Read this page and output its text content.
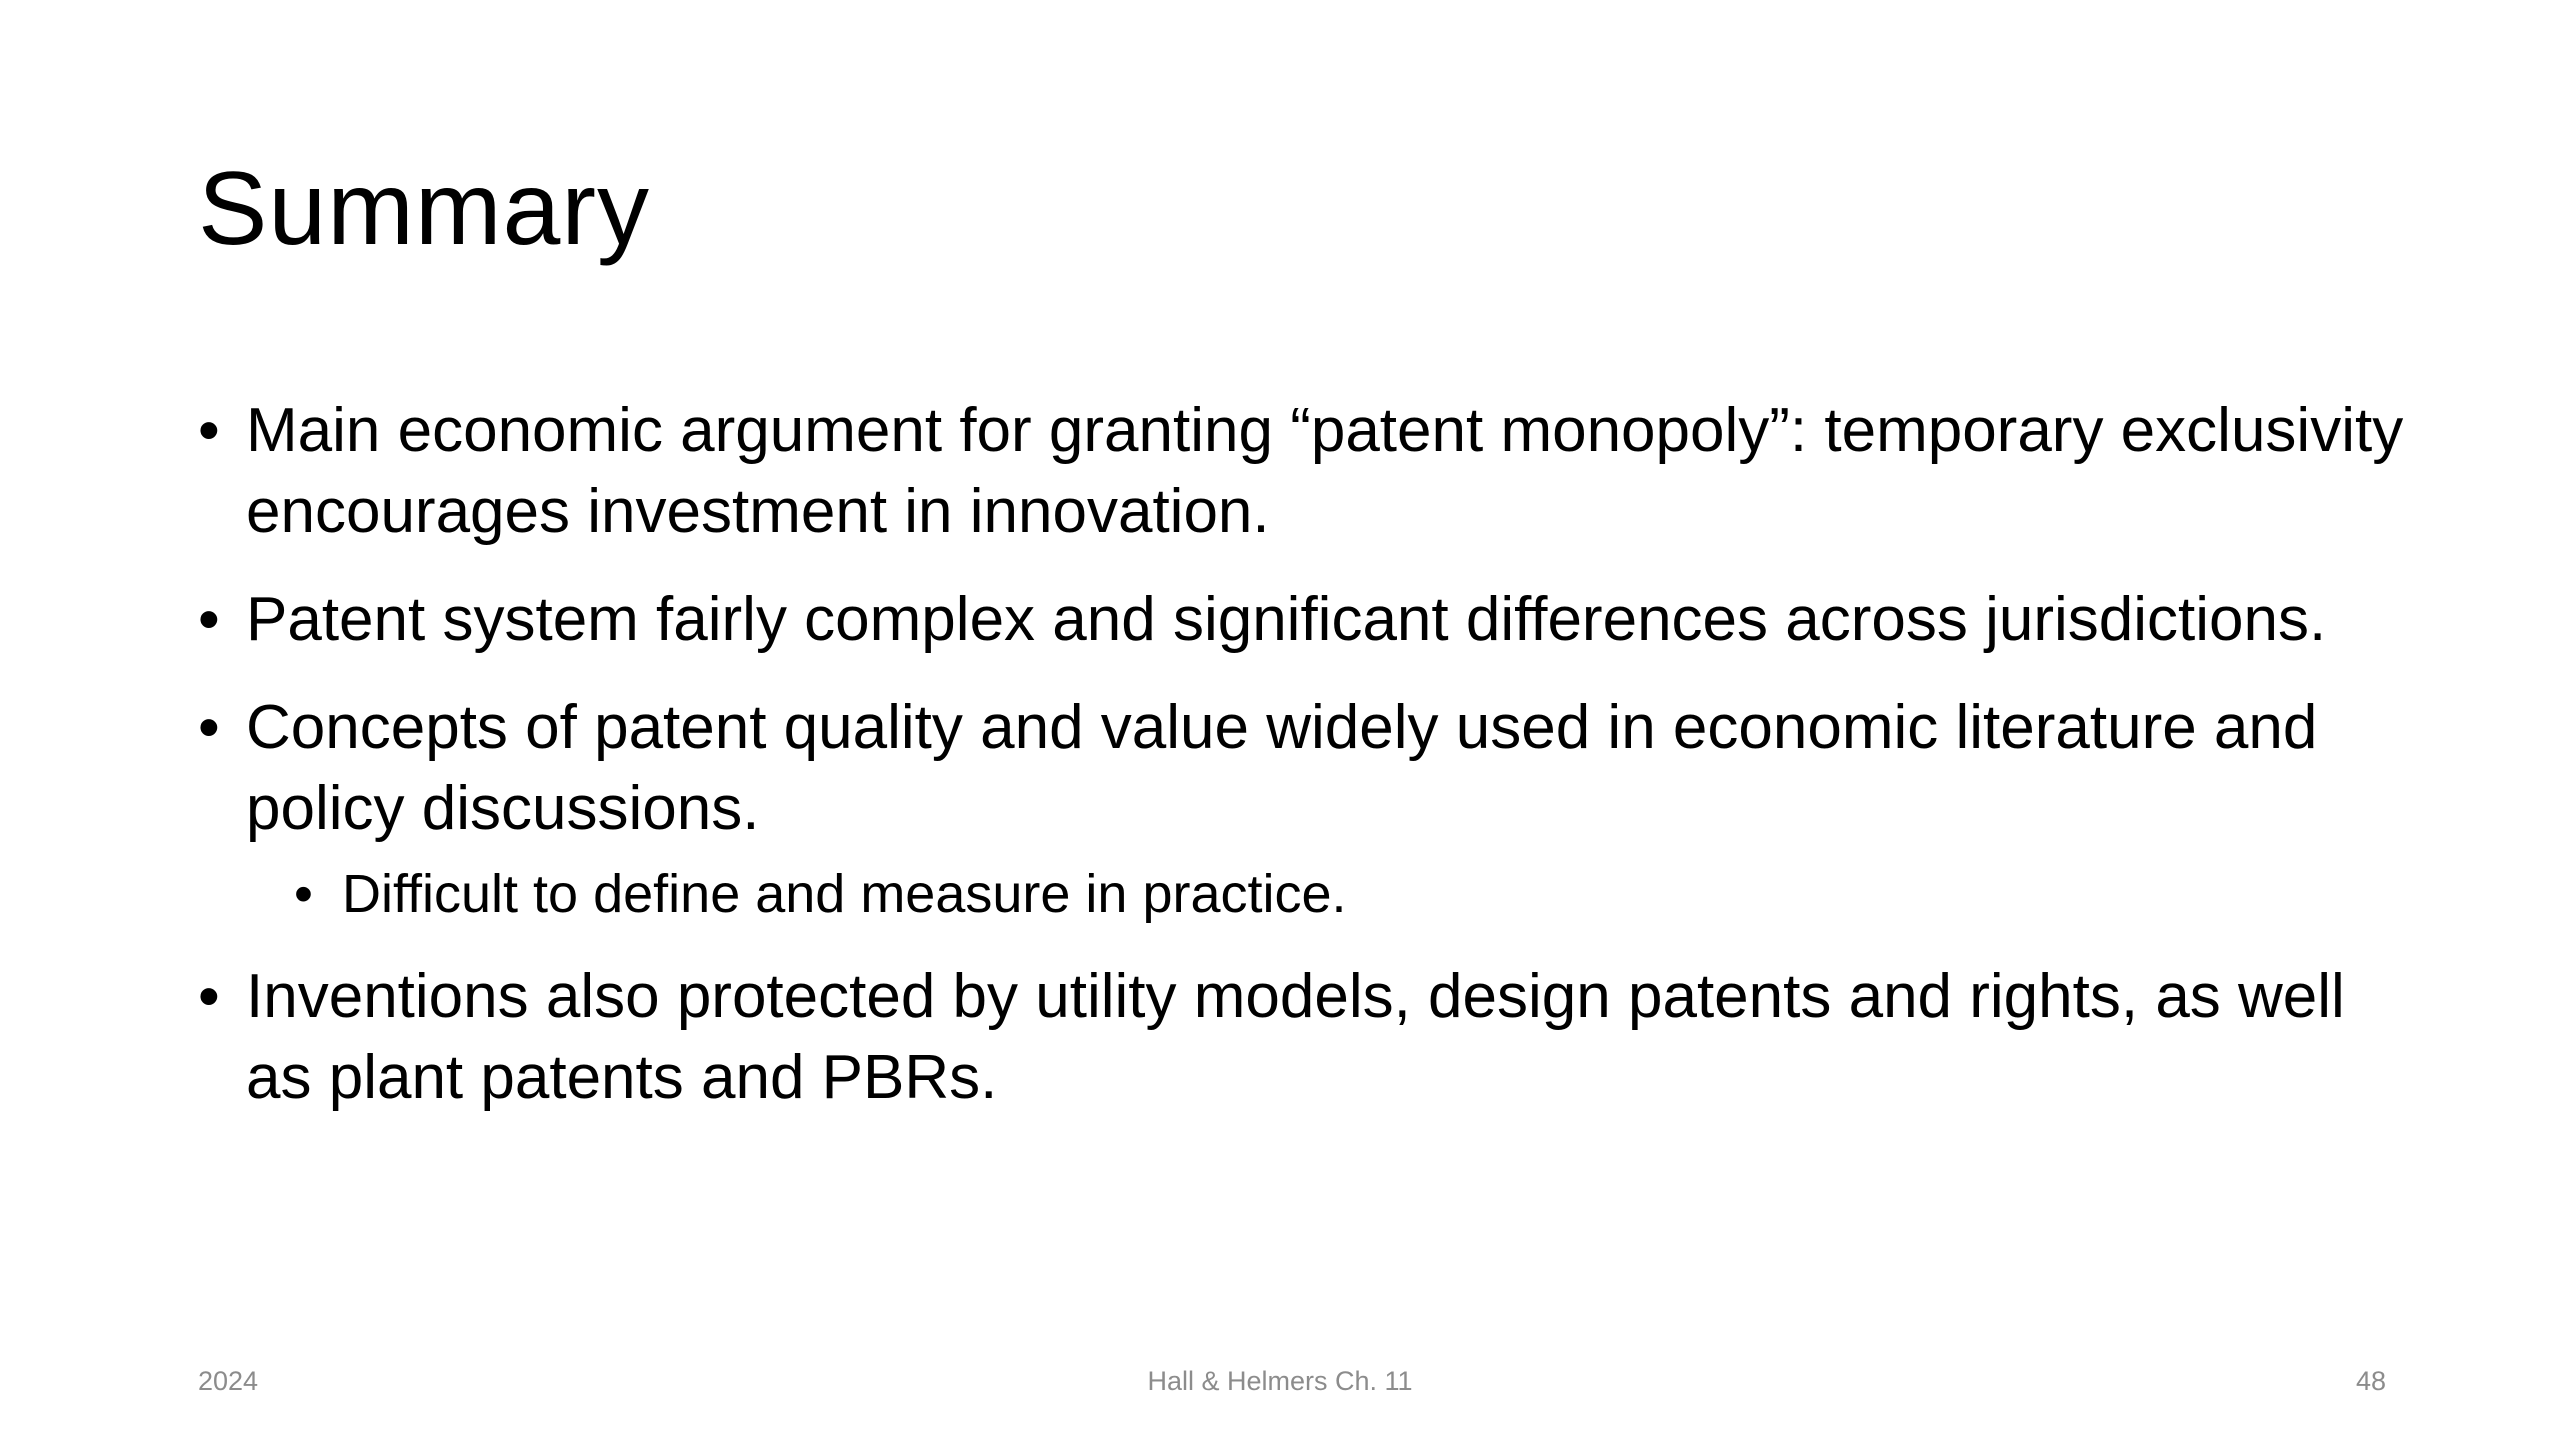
Summary
• Main economic argument for granting “patent monopoly”: temporary exclusivity encourages investment in innovation.
• Patent system fairly complex and significant differences across jurisdictions.
• Concepts of patent quality and value widely used in economic literature and policy discussions.
• Difficult to define and measure in practice.
• Inventions also protected by utility models, design patents and rights, as well as plant patents and PBRs.
2024	Hall & Helmers Ch. 11	48
